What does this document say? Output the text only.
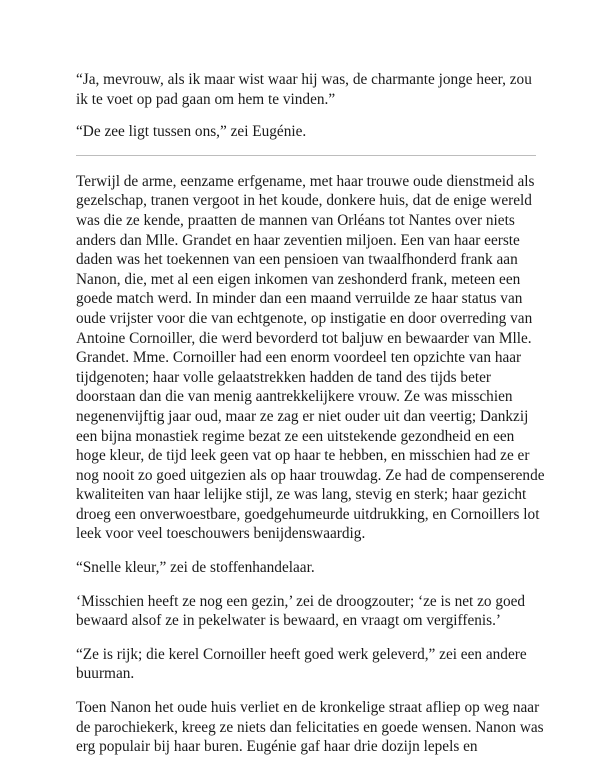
“Ja, mevrouw, als ik maar wist waar hij was, de charmante jonge heer, zou ik te voet op pad gaan om hem te vinden.”

“De zee ligt tussen ons,” zei Eugénie.

Terwijl de arme, eenzame erfgename, met haar trouwe oude dienstmeid als gezelschap, tranen vergoot in het koude, donkere huis, dat de enige wereld was die ze kende, praatten de mannen van Orléans tot Nantes over niets anders dan Mlle. Grandet en haar zeventien miljoen. Een van haar eerste daden was het toekennen van een pensioen van twaalfhonderd frank aan Nanon, die, met al een eigen inkomen van zeshonderd frank, meteen een goede match werd. In minder dan een maand verruilde ze haar status van oude vrijster voor die van echtgenote, op instigatie en door overreding van Antoine Cornoiller, die werd bevorderd tot baljuw en bewaarder van Mlle. Grandet. Mme. Cornoiller had een enorm voordeel ten opzichte van haar tijdgenoten; haar volle gelaatstrekken hadden de tand des tijds beter doorstaan dan die van menig aantrekkelijkere vrouw. Ze was misschien negenenvijftig jaar oud, maar ze zag er niet ouder uit dan veertig; Dankzij een bijna monastiek regime bezat ze een uitstekende gezondheid en een hoge kleur, de tijd leek geen vat op haar te hebben, en misschien had ze er nog nooit zo goed uitgezien als op haar trouwdag. Ze had de compenserende kwaliteiten van haar lelijke stijl, ze was lang, stevig en sterk; haar gezicht droeg een onverwoestbare, goedgehumeurde uitdrukking, en Cornoillers lot leek voor veel toeschouwers benijdenswaardig.

“Snelle kleur,” zei de stoffenhandelaar.

‘Misschien heeft ze nog een gezin,’ zei de droogzouter; ‘ze is net zo goed bewaard alsof ze in pekelwater is bewaard, en vraagt om vergiffenis.’

“Ze is rijk; die kerel Cornoiller heeft goed werk geleverd,” zei een andere buurman.

Toen Nanon het oude huis verliet en de kronkelige straat afliep op weg naar de parochiekerk, kreeg ze niets dan felicitaties en goede wensen. Nanon was erg populair bij haar buren. Eugénie gaf haar drie dozijn lepels en
